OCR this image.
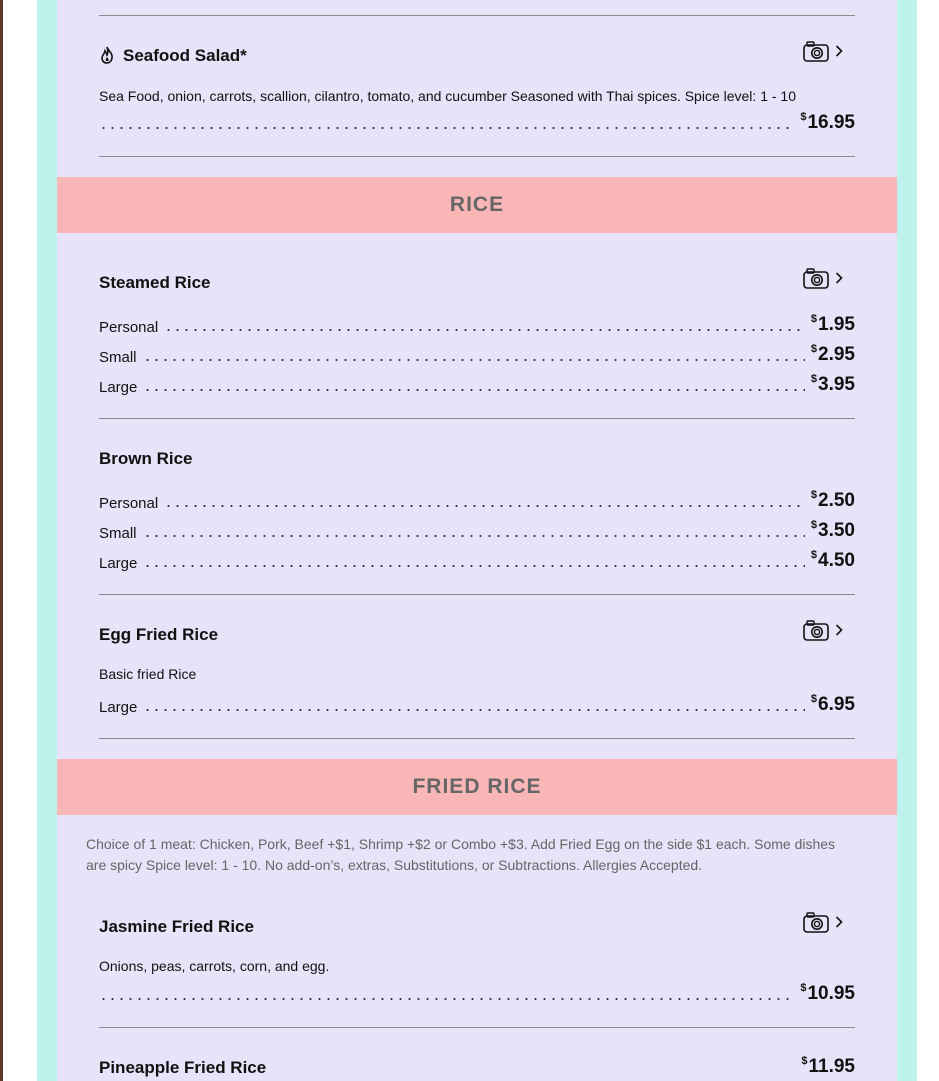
Seafood Salad*
Sea Food, onion, carrots, scallion, cilantro, tomato, and cucumber Seasoned with Thai spices. Spice level: 1 - 10
$16.95
RICE
Steamed Rice
Personal	$1.95
Small	$2.95
Large	$3.95
Brown Rice
Personal	$2.50
Small	$3.50
Large	$4.50
Egg Fried Rice
Basic fried Rice
Large	$6.95
FRIED RICE
Choice of 1 meat: Chicken, Pork, Beef +$1, Shrimp +$2 or Combo +$3. Add Fried Egg on the side $1 each. Some dishes are spicy Spice level: 1 - 10. No add-on’s, extras, Substitutions, or Subtractions. Allergies Accepted.
Jasmine Fried Rice
Onions, peas, carrots, corn, and egg.
$10.95
Pineapple Fried Rice	$11.95
